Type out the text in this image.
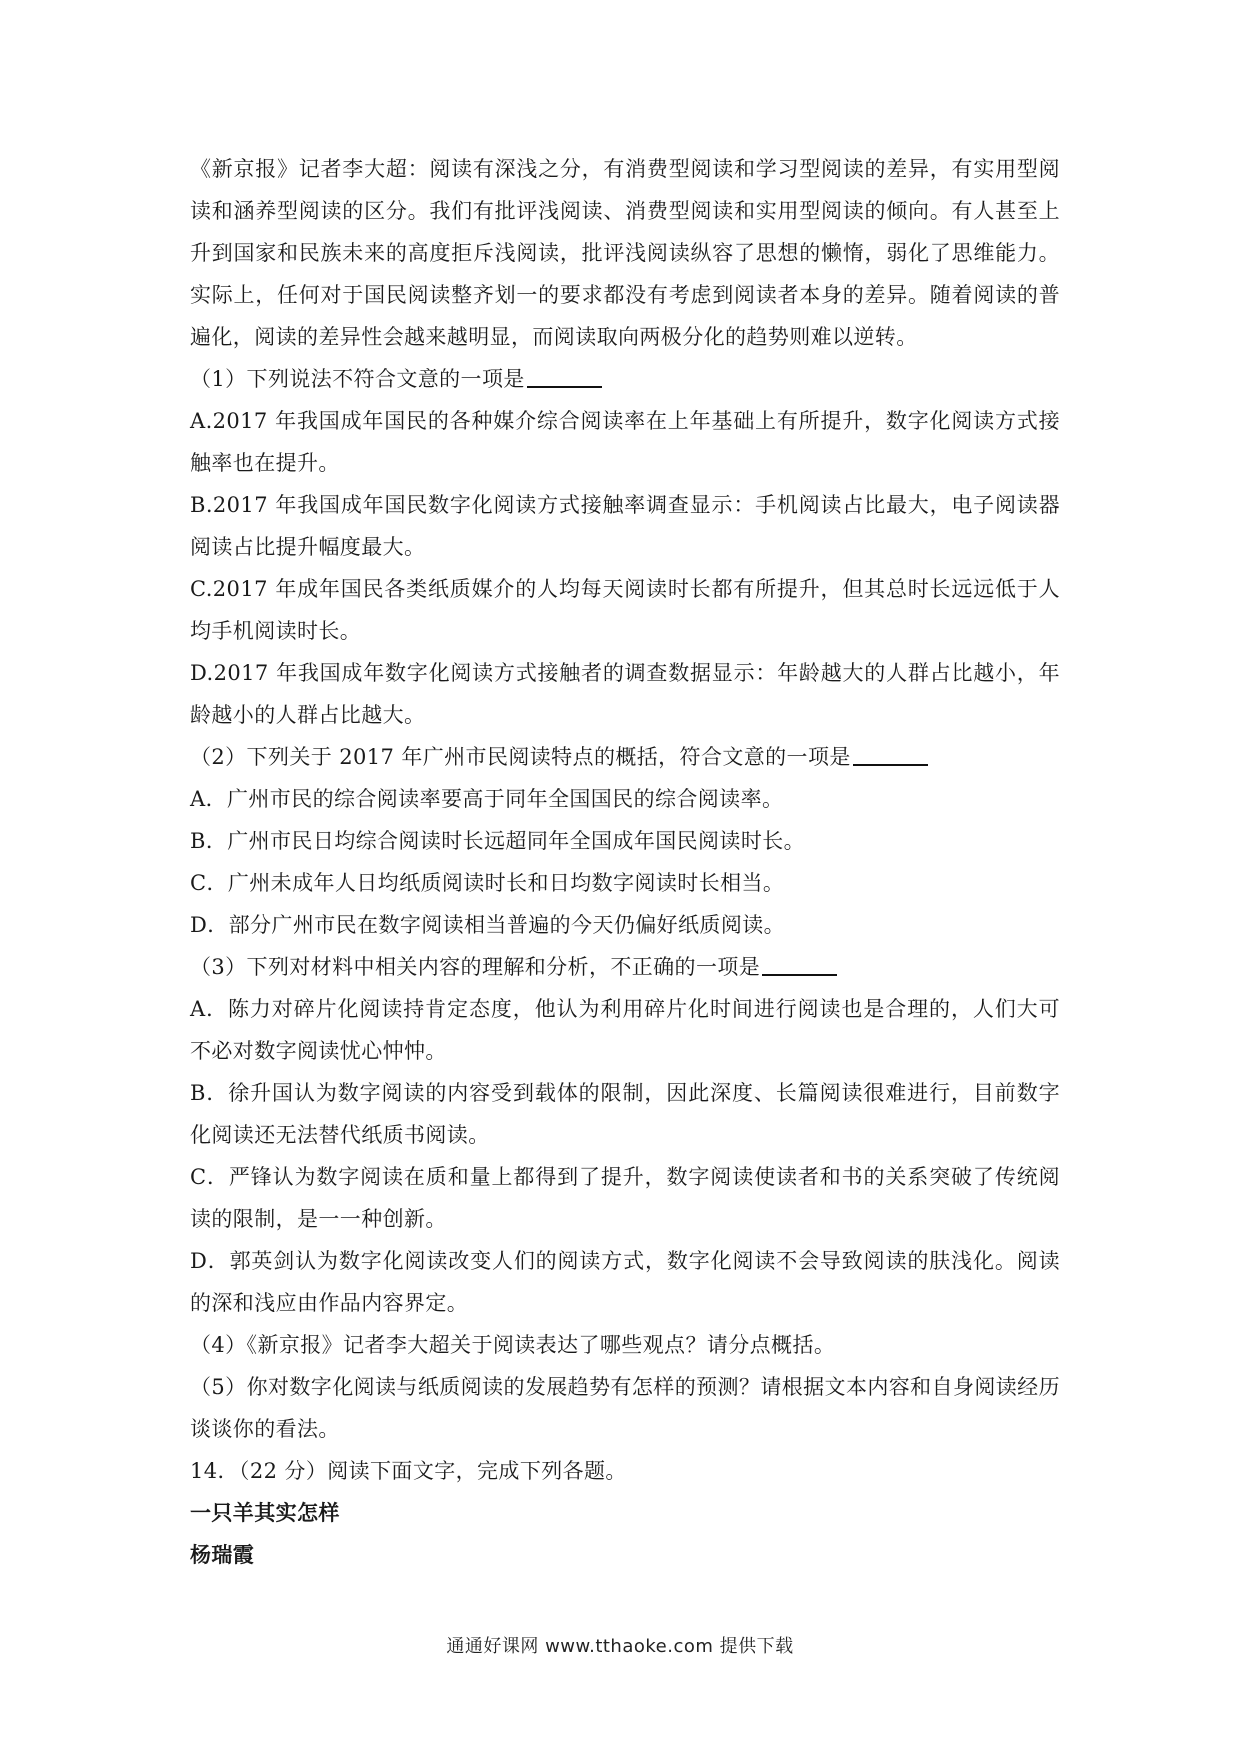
《新京报》记者李大超：阅读有深浅之分，有消费型阅读和学习型阅读的差异，有实用型阅读和涵养型阅读的区分。我们有批评浅阅读、消费型阅读和实用型阅读的倾向。有人甚至上升到国家和民族未来的高度拒斥浅阅读，批评浅阅读纵容了思想的懒惰，弱化了思维能力。实际上，任何对于国民阅读整齐划一的要求都没有考虑到阅读者本身的差异。随着阅读的普遍化，阅读的差异性会越来越明显，而阅读取向两极分化的趋势则难以逆转。

（1）下列说法不符合文意的一项是

A.2017 年我国成年国民的各种媒介综合阅读率在上年基础上有所提升，数字化阅读方式接触率也在提升。

B.2017 年我国成年国民数字化阅读方式接触率调查显示：手机阅读占比最大，电子阅读器阅读占比提升幅度最大。

C.2017 年成年国民各类纸质媒介的人均每天阅读时长都有所提升，但其总时长远远低于人均手机阅读时长。

D.2017 年我国成年数字化阅读方式接触者的调查数据显示：年龄越大的人群占比越小，年龄越小的人群占比越大。

（2）下列关于 2017 年广州市民阅读特点的概括，符合文意的一项是

A．广州市民的综合阅读率要高于同年全国国民的综合阅读率。

B．广州市民日均综合阅读时长远超同年全国成年国民阅读时长。

C．广州未成年人日均纸质阅读时长和日均数字阅读时长相当。

D．部分广州市民在数字阅读相当普遍的今天仍偏好纸质阅读。

（3）下列对材料中相关内容的理解和分析，不正确的一项是

A．陈力对碎片化阅读持肯定态度，他认为利用碎片化时间进行阅读也是合理的，人们大可不必对数字阅读忧心忡忡。

B．徐升国认为数字阅读的内容受到载体的限制，因此深度、长篇阅读很难进行，目前数字化阅读还无法替代纸质书阅读。

C．严锋认为数字阅读在质和量上都得到了提升，数字阅读使读者和书的关系突破了传统阅读的限制，是一一种创新。

D．郭英剑认为数字化阅读改变人们的阅读方式，数字化阅读不会导致阅读的肤浅化。阅读的深和浅应由作品内容界定。

（4）《新京报》记者李大超关于阅读表达了哪些观点？请分点概括。

（5）你对数字化阅读与纸质阅读的发展趋势有怎样的预测？请根据文本内容和自身阅读经历谈谈你的看法。

14．（22 分）阅读下面文字，完成下列各题。

一只羊其实怎样

杨瑞霞

通通好课网 www.tthaoke.com 提供下载
